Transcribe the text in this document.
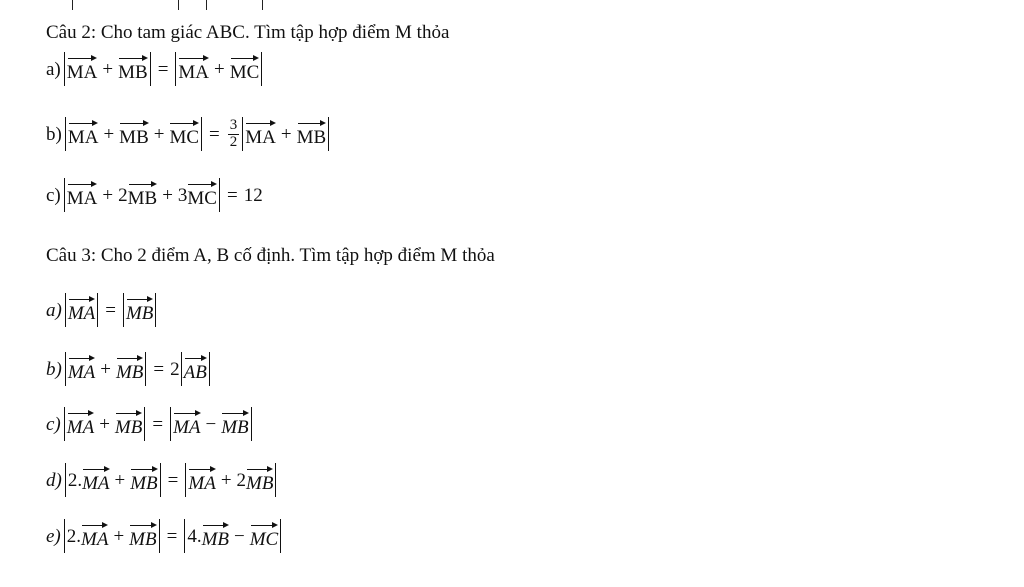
Câu 2: Cho tam giác ABC. Tìm tập hợp điểm M thỏa
a) MA + MB = MA + MC
b) MA + MB + MC = $\frac{3}{2}$ MA + MB
c) MA + 2 MB + 3 MC = 12
Câu 3: Cho 2 điểm A, B cố định. Tìm tập hợp điểm M thỏa
a) MA = MB
b) MA + MB = 2 AB
c) MA + MB = MA − MB
d) 2. MA + MB = MA + 2 MB
e) 2. MA + MB = 4. MB − MC
